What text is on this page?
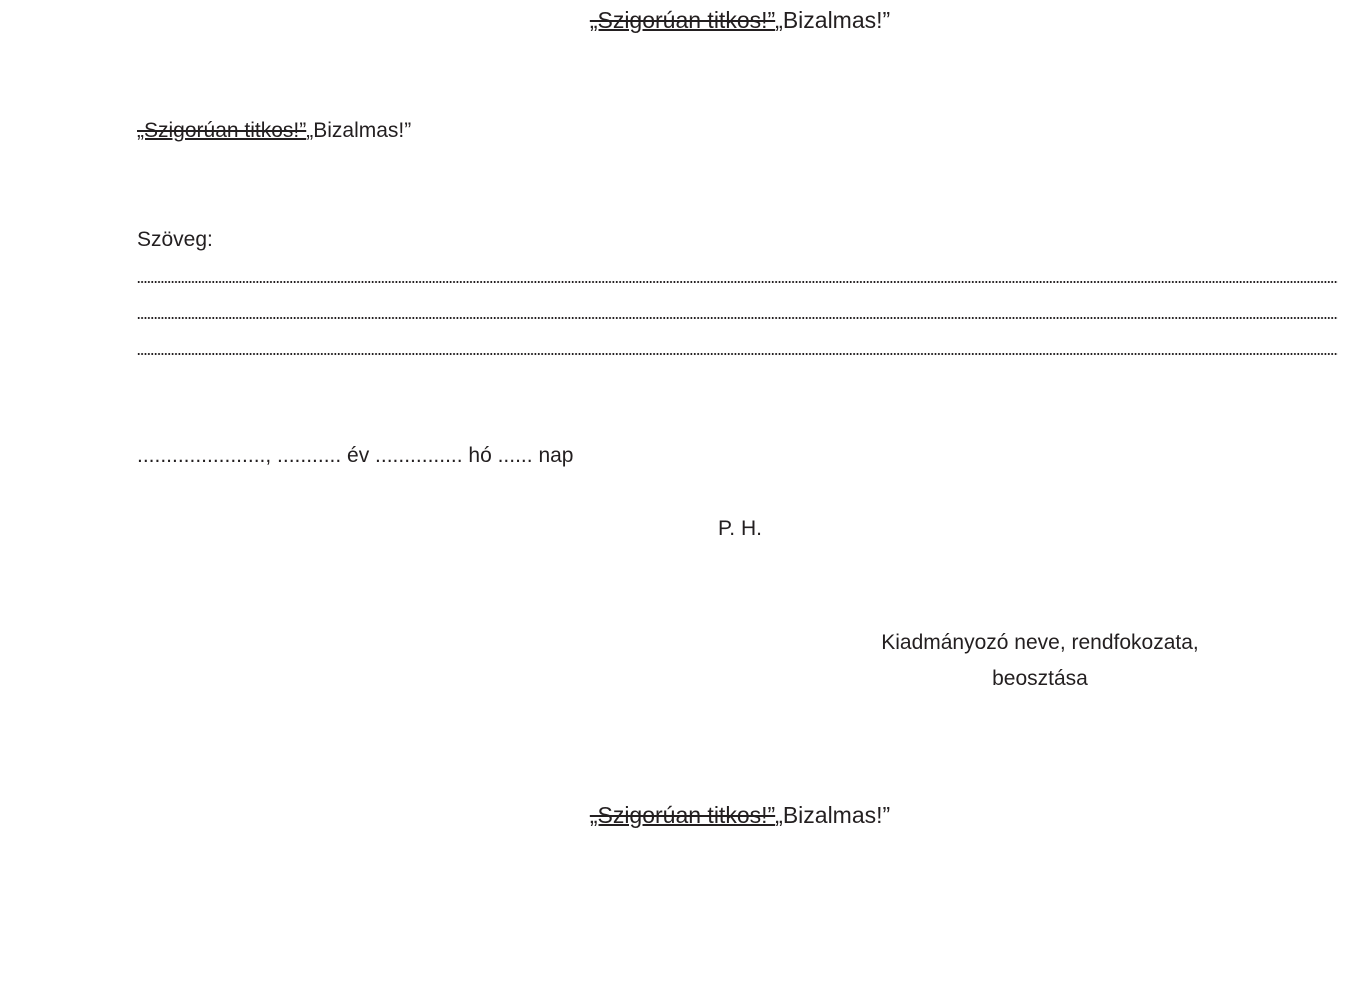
„Szigorúan titkos!”„Bizalmas!”
„Szigorúan titkos!”„Bizalmas!”
Szöveg:
......................, ........... év ............... hó ...... nap
P. H.
Kiadmányozó neve, rendfokozata,
beosztása
„Szigorúan titkos!”„Bizalmas!”
